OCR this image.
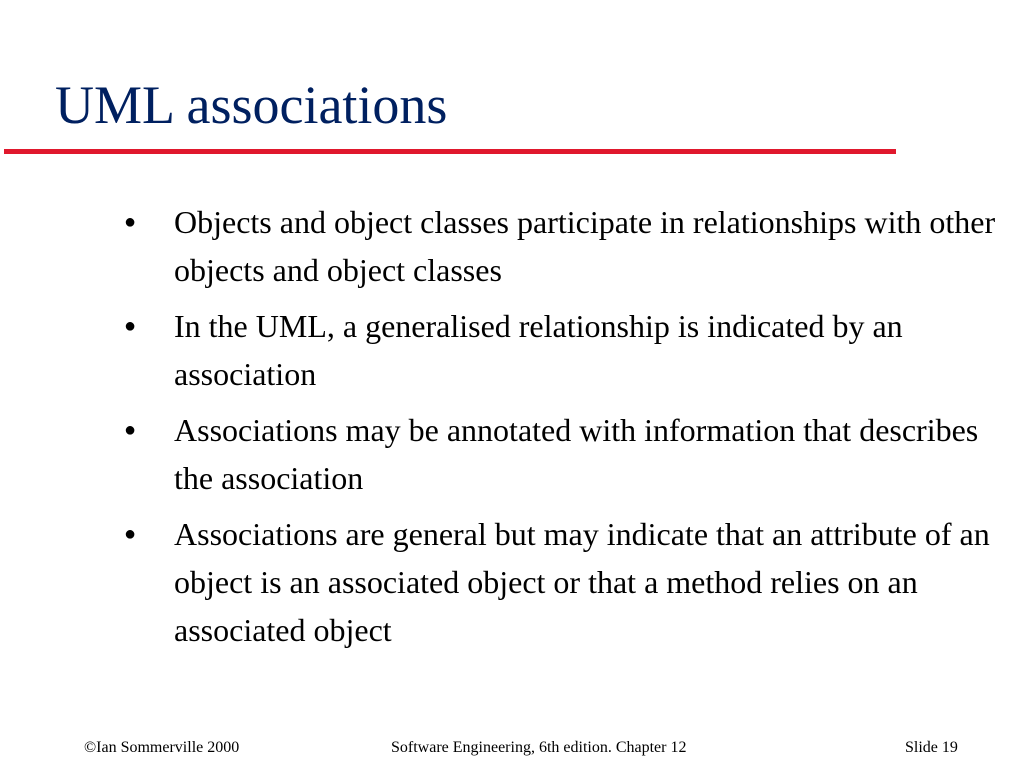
UML associations
● Objects and object classes participate in relationships with other objects and object classes
● In the UML, a generalised relationship is indicated by an association
● Associations may be annotated with information that describes the association
● Associations are general but may indicate that an attribute of an object is an associated object or that a method relies on an associated object
©Ian Sommerville 2000	Software Engineering, 6th edition. Chapter 12	Slide 19
